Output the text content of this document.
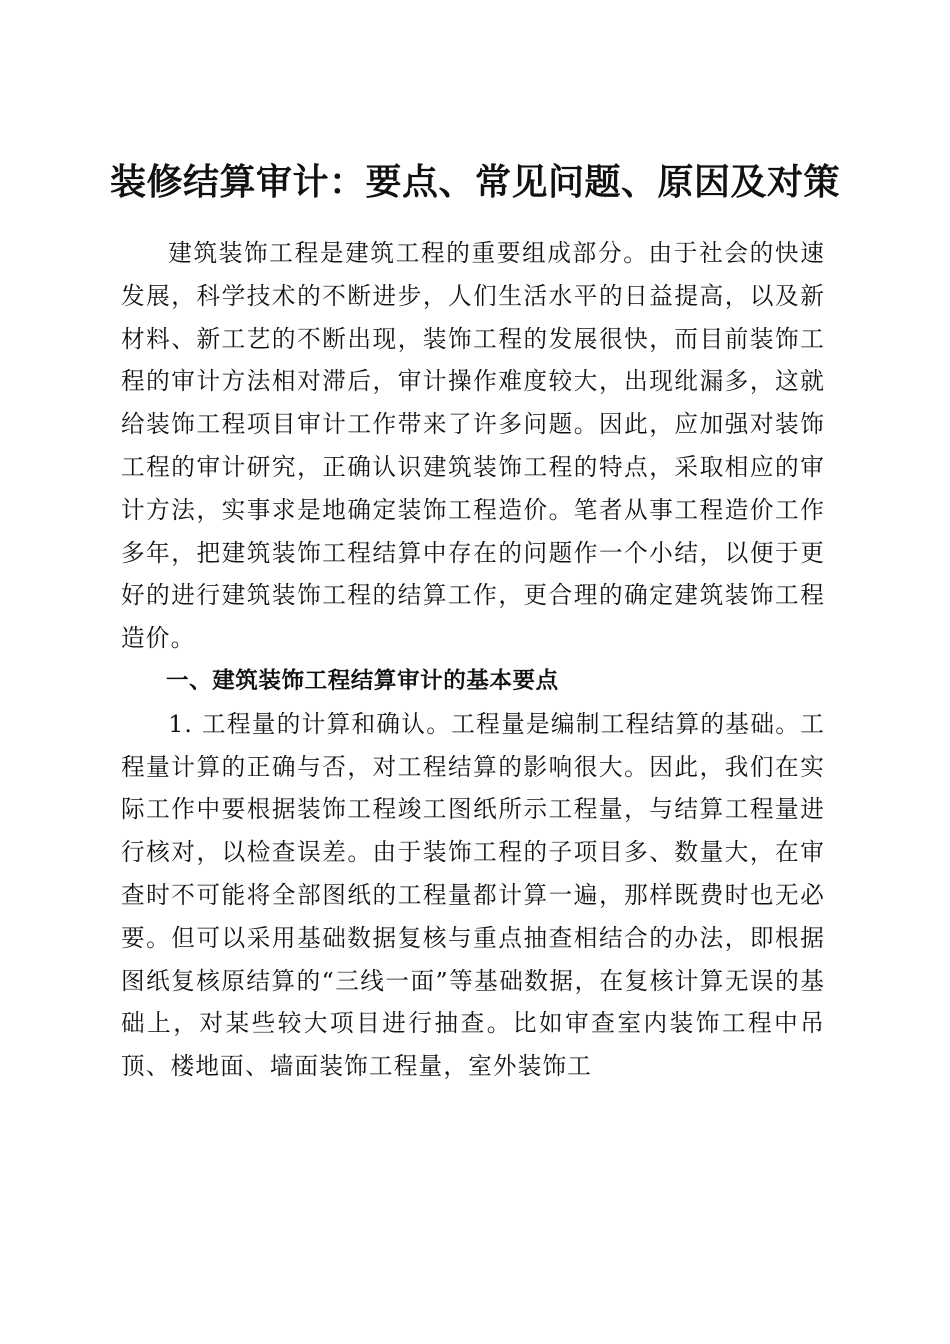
装修结算审计：要点、常见问题、原因及对策

建筑装饰工程是建筑工程的重要组成部分。由于社会的快速发展，科学技术的不断进步，人们生活水平的日益提高，以及新材料、新工艺的不断出现，装饰工程的发展很快，而目前装饰工程的审计方法相对滞后，审计操作难度较大，出现纰漏多，这就给装饰工程项目审计工作带来了许多问题。因此，应加强对装饰工程的审计研究，正确认识建筑装饰工程的特点，采取相应的审计方法，实事求是地确定装饰工程造价。笔者从事工程造价工作多年，把建筑装饰工程结算中存在的问题作一个小结，以便于更好的进行建筑装饰工程的结算工作，更合理的确定建筑装饰工程造价。

一、建筑装饰工程结算审计的基本要点

1. 工程量的计算和确认。工程量是编制工程结算的基础。工程量计算的正确与否，对工程结算的影响很大。因此，我们在实际工作中要根据装饰工程竣工图纸所示工程量，与结算工程量进行核对，以检查误差。由于装饰工程的子项目多、数量大，在审查时不可能将全部图纸的工程量都计算一遍，那样既费时也无必要。但可以采用基础数据复核与重点抽查相结合的办法，即根据图纸复核原结算的“三线一面”等基础数据，在复核计算无误的基础上，对某些较大项目进行抽查。比如审查室内装饰工程中吊顶、楼地面、墙面装饰工程量，室外装饰工
